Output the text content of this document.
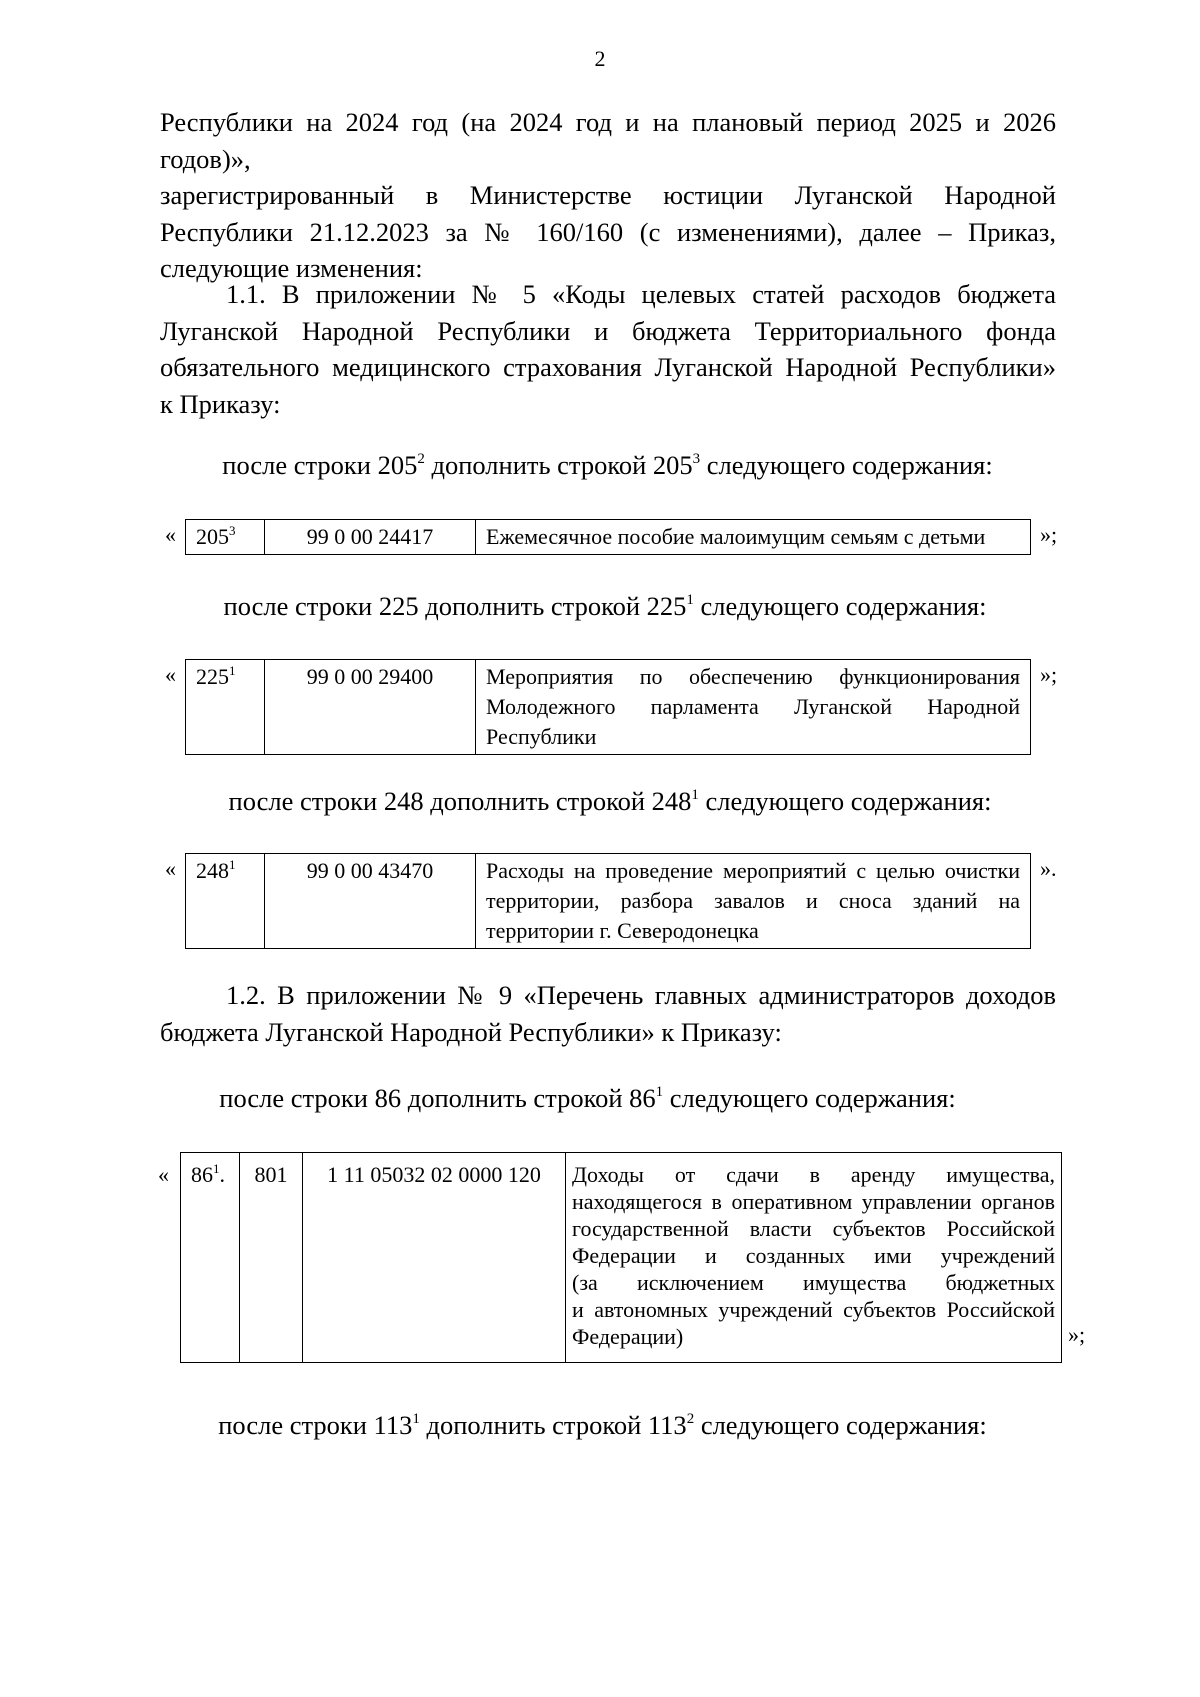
2
Республики на 2024 год (на 2024 год и на плановый период 2025 и 2026 годов)»,
зарегистрированный в Министерстве юстиции Луганской Народной
Республики 21.12.2023 за № 160/160 (с изменениями), далее – Приказ,
следующие изменения:
1.1. В приложении № 5 «Коды целевых статей расходов бюджета
Луганской Народной Республики и бюджета Территориального фонда
обязательного медицинского страхования Луганской Народной Республики»
к Приказу:
после строки $205^2$ дополнить строкой $205^3$ следующего содержания:
« $205^3$	99 0 00 24417	Ежемесячное пособие малоимущим семьям с детьми »;
после строки 225 дополнить строкой $225^1$ следующего содержания:
« $225^1$	99 0 00 29400	Мероприятия по обеспечению функционирования
Молодежного парламента Луганской Народной
Республики
»;
после строки 248 дополнить строкой $248^1$ следующего содержания:
« $248^1$	99 0 00 43470	Расходы на проведение мероприятий с целью очистки
территории, разбора завалов и сноса зданий на
территории г. Северодонецка
».
1.2. В приложении № 9 «Перечень главных администраторов доходов
бюджета Луганской Народной Республики» к Приказу:
после строки 86 дополнить строкой $86^1$ следующего содержания:
« $86^1$.	801	1 11 05032 02 0000 120	Доходы от сдачи в аренду имущества,
находящегося в оперативном управлении органов
государственной власти субъектов Российской
Федерации и созданных ими учреждений
(за исключением имущества бюджетных
и автономных учреждений субъектов Российской
Федерации)	»;
после строки $113^1$ дополнить строкой $113^2$ следующего содержания:
